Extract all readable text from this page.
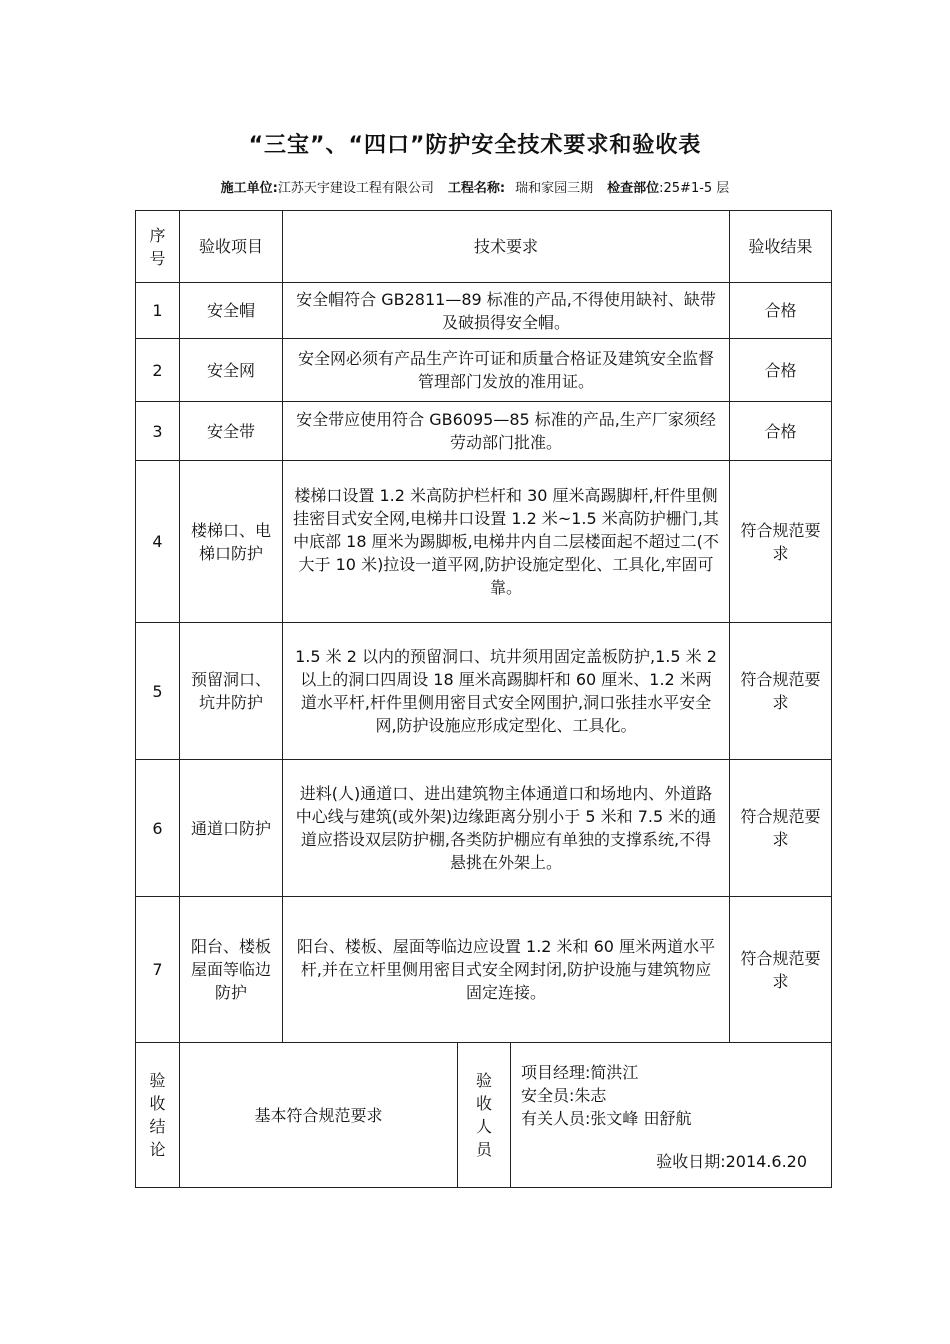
“三宝”、“四口”防护安全技术要求和验收表
施工单位:江苏天宇建设工程有限公司 工程名称: 瑞和家园三期 检查部位:25#1-5 层
序号	验收项目	技术要求			验收结果
1	安全帽	安全帽符合 GB2811—89 标准的产品,不得使用缺衬、缺带及破损得安全帽。			合格
2	安全网	安全网必须有产品生产许可证和质量合格证及建筑安全监督管理部门发放的准用证。			合格
3	安全带	安全带应使用符合 GB6095—85 标准的产品,生产厂家须经劳动部门批准。			合格
4	楼梯口、电梯口防护	楼梯口设置 1.2 米高防护栏杆和 30 厘米高踢脚杆,杆件里侧挂密目式安全网,电梯井口设置 1.2 米~1.5 米高防护栅门,其中底部 18 厘米为踢脚板,电梯井内自二层楼面起不超过二(不大于 10 米)拉设一道平网,防护设施定型化、工具化,牢固可靠。			符合规范要求
5	预留洞口、坑井防护	1.5 米 2 以内的预留洞口、坑井须用固定盖板防护,1.5 米 2 以上的洞口四周设 18 厘米高踢脚杆和 60 厘米、1.2 米两道水平杆,杆件里侧用密目式安全网围护,洞口张挂水平安全网,防护设施应形成定型化、工具化。			符合规范要求
6	通道口防护	进料(人)通道口、进出建筑物主体通道口和场地内、外道路中心线与建筑(或外架)边缘距离分别小于 5 米和 7.5 米的通道应搭设双层防护棚,各类防护棚应有单独的支撑系统,不得悬挑在外架上。			符合规范要求
7	阳台、楼板屋面等临边防护	阳台、楼板、屋面等临边应设置 1.2 米和 60 厘米两道水平杆,并在立杆里侧用密目式安全网封闭,防护设施与建筑物应固定连接。			符合规范要求

验收结论	基本符合规范要求		验收人员	项目经理:简洪江
安全员:朱志
有关人员:张文峰 田舒航
验收日期:2014.6.20	
